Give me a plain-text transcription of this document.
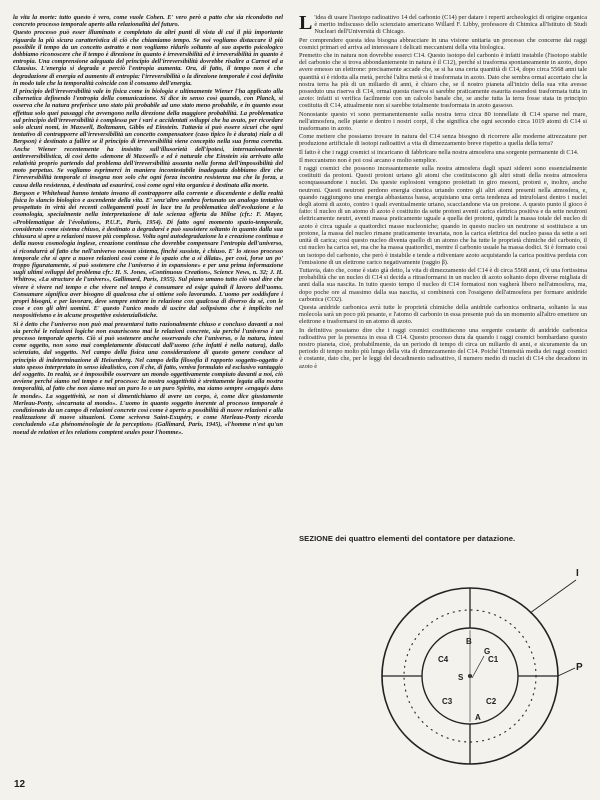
la vita la morte: tutto questo è vero, come vuole Cohen. E' vero però a patto che sia ricondotto nel concreto processo temporale aperto alla relazionalità del futuro.

Questo processo può esser illuminato e completato da altri punti di vista di cui il più importante riguarda la più sicura caratteristica di ciò che chiamiamo tempo. Se noi vogliamo distaccare il più possibile il tempo da un concetto astratto e non vogliamo ridurlo soltanto al suo aspetto psicologico dobbiamo riconoscere che il tempo è direzione in quanto è irreversibilità ed è irreversibilità in quanto è entropia. Una comprensione adeguata del principio dell'irreversibilità dovrebbe risalire a Carnot ed a Clausius. L'energia si degrada e perciò l'entropia aumenta. Ora, di fatto, il tempo non è che degradazione di energia ed aumento di entropia: l'irreversibilità o la direzione temporale è così definita in modo tale che la temporalità coincide con il consumo dell'energia.

Il principio dell'irreversibilità vale in fisica come in biologia e ultimamente Wiener l'ha applicato alla cibernetica definendo l'entropia della comunicazione. Si dice in senso così quando, con Planck, si osserva che la natura preferisce uno stato più probabile ad uno stato meno probabile, e in quanto essa effettua solo quei passaggi che avvengono nella direzione della maggiore probabilità. La problematica sul principio dell'irreversibilità è complessa per i vari e accidentati sviluppi che ha avuto, per ricordare solo alcuni nomi, in Maxwell, Boltzmann, Gibbs ed Einstein. Tuttavia si può essere sicuri che ogni tentativo di contrapporre all'irreversibilità un concetto compensatore (caso tipico lo è durata) riale a di Bergson) è destinato a fallire se il principio di irreversibilità viene concepito nella sua forma corretta. Anche Wiener recentemente ha insistito sull'illusorietà dell'ipotesi, internazionalmente antireversibilistica, di così detto «demone di Maxwell» e ed è naturale che Einstein sia arrivato alla relatività proprio partendo dal problema dell'irreversibilità assunta nella forma dell'impossibilità del moto perpetuo. Se vogliamo esprimerci in maniera incontestabile inadeguata dobbiamo dire che l'irreversibilità temporale ci insegna non solo che ogni forza incontra resistenza ma che la forza, a causa della resistenza, è destinata ad esaurirsi, così come ogni vita organica è destinata alla morte.

Bergson e Whitehead hanno tentato invano di contrapporre alla corrente e discendente e della realtà fisica lo slancio biologico e ascendente della vita. E' senz'altro sembra fortunato un analogo tentativo prospettato in virtù dei recenti collegamenti posti in luce tra la problematica dell'evoluzione e la cosmologia, specialmente nella interpretazione di tale scienza offerta da Milne (cfr.: F. Mayer, «Problematique de l'évolution», P.U.F., Paris, 1954). Di fatto ogni momento spazio-temporale, considerato come sistema chiuso, è destinato a degradarsi e può sussistere soltanto in quanto dalla sua chiusura si apre a relazioni nuove più complesse. Volta ogni autodegradazione la e creazione continua e della nuova cosmologia inglese, creazione continua che dovrebbe compensare l'entropia dell'universo, si ricondurrà al fatto che nell'universo nessun sistema, finché sussiste, è chiuso. E' lo stesso processo temporale che si apre a nuove relazioni così come è lo spazio che a si dilata», per così, forse un po' troppo figuratamente, si può sostenere che l'universo è in espansione» e per una prima informazione sugli ultimi sviluppi del problema cfr.: H. S. Jones, «Continuous Creation», Science News, n. 32; J. H. Whitrow, «La structure de l'univers», Gallimard, Paris, 1955). Sul piano umano tutto ciò vuol dire che vivere è vivere nel tempo e che vivere nel tempo è consumare ed esige quindi il lavoro dell'uomo. Consumare significa aver bisogno di qualcosa che si ottiene solo lavorando. L'uomo per soddisfare i propri bisogni, e per lavorare, deve sempre entrare in relazione con qualcosa di diverso da sé, con le cose e con gli altri uomini. E' questo l'unico modo di uscire dal solipsismo che è implicito nel neopositivismo e in alcune prospettive esistenzialistiche.

Si è detto che l'universo non può mai presentarsi tutto razionalmente chiuso e concluso davanti a noi sia perché le relazioni logiche non esauriscono mai le relazioni concrete, sia perché l'universo è un processo temporale aperto. Ciò si può sostenere anche osservando che l'universo, o la natura, intesi come oggetto, non sono mai completamente distaccati dall'uomo (che infatti è nella natura), dallo scienziato, dal soggetto. Nel campo della fisica una considerazione di questo genere conduce al principio di indeterminazione di Heisenberg. Nel campo della filosofia il rapporto soggetto-oggetto è stato spesso interpretato in senso idealistico, con il che, di fatto, veniva formulato ed esclusivo vantaggio del soggetto. In realtà, se è impossibile osservare un mondo oggettivamente compiuto davanti a noi, ciò avviene perché siamo nel tempo e nel processo: la nostra soggettività è strettamente legata alla nostra temporalità, al fatto che non siamo mai un puro Io o un puro Spirito, ma siamo sempre «engagés dans le monde». La soggettività, se non si dimentichiamo di avere un corpo, è, come dice giustamente Merleau-Ponty, «incarnata al mondo». L'uomo in quanto soggetto inerente al processo temporale è condizionato da un campo di relazioni concrete così come è aperto a possibilità di nuove relazioni e alla realizzazione di nuove situazioni. Come scriveva Saint-Exupéry, e come Merleau-Ponty ricorda concludendo «La phénoménologie de la perception» (Gallimard, Paris, 1945), «l'homme n'est qu'un noeud de relation et les relations comptent seules pour l'homme».

L 'idea di usare l'isotopo radioattivo 14 del carbonio (C14) per datare i reperti archeologici di origine organica è merito indiscusso dello scienziato americano Willard F. Libby, professore di Chimica all'Istituto di Studi Nucleari dell'Università di Chicago.

Per comprendere questa idea bisogna abbracciare in una visione unitaria un processo che concerne dai raggi cosmici primari ed arriva ad interessare i delicati meccanismi della vita biologica.

Premetto che in natura non dovrebbe esserci C14. Questo isotopo del carbonio è infatti instabile (l'isotopo stabile del carbonio che si trova abbondantemente in natura è il C12), perché si trasforma spontaneamente in azoto, dopo avere emesso un elettrone: precisamente accade che, se si ha una certa quantità di C14, dopo circa 5568 anni tale quantità si è ridotta alla metà, perché l'altra metà si è trasformata in azoto. Dato che sembra ormai accertato che la nostra terra ha più di un miliardo di anni, è chiaro che, se il nostro pianeta all'inizio della sua vita avesse posseduto una riserva di C14, ormai questa riserva si sarebbe praticamente esaurita essendosi trasformata tutta in azoto: infatti si verifica facilmente con un calcolo banale che, se anche tutta la terra fosse stata in principio costituita di C14, attualmente non si sarebbe totalmente trasformata in azoto gassoso.

Nonostante questo vi sono permanentemente sulla nostra terra circa 80 tonnellate di C14 sparse nel mare, nell'atmosfera, nelle piante e dentro i nostri corpi, il che significa che ogni secondo circa 1019 atomi di C14 si trasformano in azoto.

Come mettere che possiamo trovare in natura del C14 senza bisogno di ricorrere alle moderne attrezzature per produzione artificiale di isotopi radioattivi a vita di dimezzamento breve rispetto a quella della terra?

Il fatto è che i raggi cosmici si incaricano di fabbricare nella nostra atmosfera una sorgente permanente di C14.

Il meccanismo non è poi così arcano e molto semplice.

I raggi cosmici che possono incessantemente sulla nostra atmosfera dagli spazi siderei sono essenzialmente costituiti da protoni. Questi protoni urtano gli atomi che costituiscono gli altri strati della nostra atmosfera sconquassandone i nuclei. Da queste esplosioni vengono proiettati in giro mesoni, protoni e, inoltre, anche neutroni. Questi neutroni perdono energia cinetica urtando contro gli altri atomi presenti nella atmosfera, e, quando raggiungono una energia abbastanza bassa, acquistano una certa tendenza ad intrufolarsi dentro i nuclei degli atomi di azoto, contro i quali eventualmente urtano, scacciandone via un protone. A questo punto il gioco è fatto: il nucleo di un atomo di azoto è costituito da sette protoni aventi carica elettrica positiva e da sette neutroni elettricamente neutri, aventi massa praticamente uguale a quella dei protoni, quindi la massa totale del nucleo di azoto è circa uguale a quattordici masse nucleoniche; quando in questo nucleo un neutrone si sostituisce a un protone, la massa del nucleo rimane praticamente invariata, non la carica elettrica del nucleo passa da sette a sei unità di carica; così questo nucleo diventa quello di un atomo che ha tutte le proprietà chimiche del carbonio, il cui nucleo ha carica sei, ma che ha massa quattordici, mentre il carbonio usuale ha massa dodici. Si è formato così un isotopo del carbonio, che però è instabile e tende a ridiventare azoto acquistando la carica positiva perduta con l'emissione di un elettrone carico negativamente (raggio β).

Tuttavia, dato che, come è stato già detto, la vita di dimezzamento del C14 è di circa 5568 anni, c'è una fortissima probabilità che un nucleo di C14 si decida a ritrasformarsi in un nucleo di azoto soltanto dopo diverse migliaia di anni dalla sua nascita. In tutto questo tempo il nucleo di C14 formatosi non vagherà libero nell'atmosfera, ma, dopo poche ore al massimo dalla sua nascita, si combinerà con l'ossigeno dell'atmosfera per formare anidride carbonica (CO2).

Questa anidride carbonica avrà tutte le proprietà chimiche della anidride carbonica ordinaria, soltanto la sua molecola sarà un poco più pesante, e l'atomo di carbonio in essa presente può da un momento all'altro emettere un elettrone e trasformarsi in un atomo di azoto.

In definitiva possiamo dire che i raggi cosmici costituiscono una sorgente costante di anidride carbonica radioattiva per la presenza in essa di C14. Questo processo dura da quando i raggi cosmici bombardano questo nostro pianeta, cioè, probabilmente, da un periodo di tempo di circa un miliardo di anni, e sicuramente da un periodo di tempo molto più lungo della vita di dimezzamento del C14. Poiché l'intensità media dei raggi cosmici è costante, dato che, per le leggi del decadimento radioattivo, il numero medio di nuclei di C14 che decadono in azoto è

SEZIONE dei quattro elementi del contatore per datazione.
I
P
C4	C1
C3	C2
B
A
G
S
12
